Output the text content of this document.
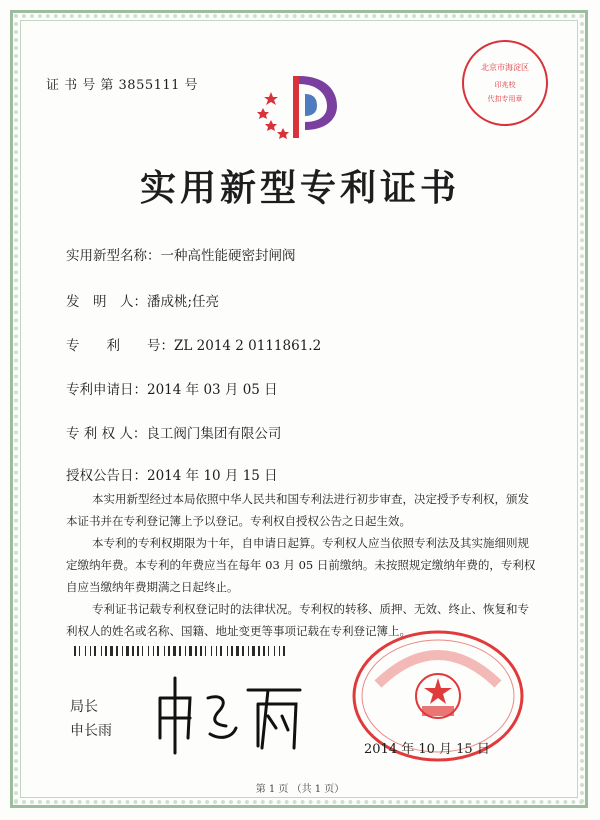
证 书 号 第 3855111 号
北京市海淀区
印兆校
代扣专用章
实用新型专利证书
实用新型名称：一种高性能硬密封闸阀
发　明　人：潘成桃;任亮
专　　利　　号：ZL 2014 2 0111861.2
专利申请日：2014 年 03 月 05 日
专 利 权 人：良工阀门集团有限公司
授权公告日：2014 年 10 月 15 日

本实用新型经过本局依照中华人民共和国专利法进行初步审查，决定授予专利权，颁发本证书并在专利登记簿上予以登记。专利权自授权公告之日起生效。

本专利的专利权期限为十年，自申请日起算。专利权人应当依照专利法及其实施细则规定缴纳年费。本专利的年费应当在每年 03 月 05 日前缴纳。未按照规定缴纳年费的，专利权自应当缴纳年费期满之日起终止。

专利证书记载专利权登记时的法律状况。专利权的转移、质押、无效、终止、恢复和专利权人的姓名或名称、国籍、地址变更等事项记载在专利登记簿上。

局长
申长雨
2014 年 10 月 15 日
第 1 页 （共 1 页）
